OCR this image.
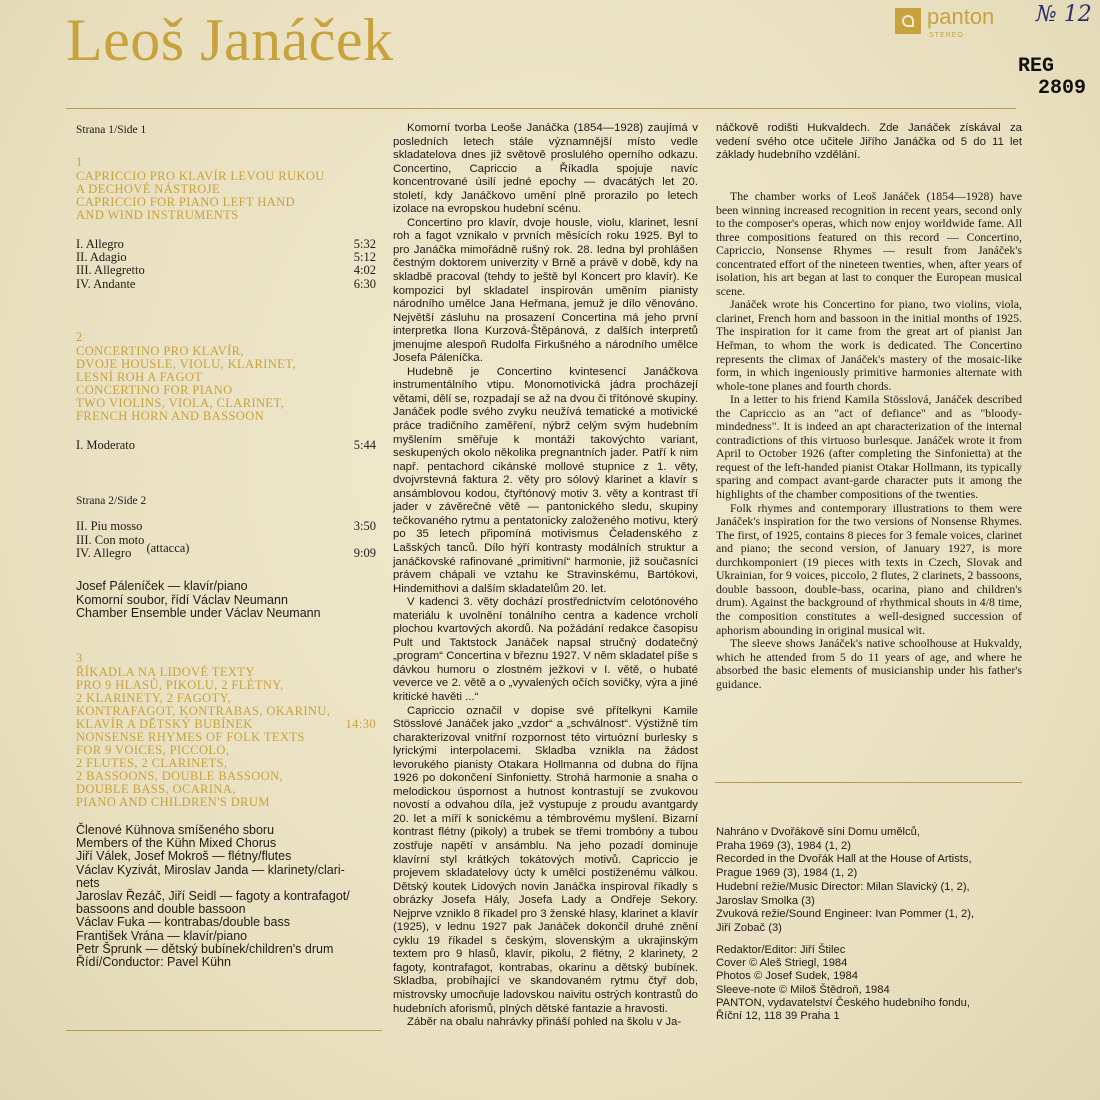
Leoš Janáček	panton
STEREO
№ 12
REG
2809
Strana 1/Side 1
1
CAPRICCIO PRO KLAVÍR LEVOU RUKOU
A DECHOVÉ NÁSTROJE
CAPRICCIO FOR PIANO LEFT HAND
AND WIND INSTRUMENTS
I. Allegro	5:32
II. Adagio	5:12
III. Allegretto	4:02
IV. Andante	6:30
2
CONCERTINO PRO KLAVÍR,
DVOJE HOUSLE, VIOLU, KLARINET,
LESNÍ ROH A FAGOT
CONCERTINO FOR PIANO
TWO VIOLINS, VIOLA, CLARINET,
FRENCH HORN AND BASSOON
I. Moderato	5:44
Strana 2/Side 2
II. Piu mosso	3:50
III. Con moto
IV. Allegro (attacca)	9:09
Josef Páleníček — klavír/piano
Komorní soubor, řídí Václav Neumann
Chamber Ensemble under Václav Neumann
3
ŘÍKADLA NA LIDOVÉ TEXTY
PRO 9 HLASŮ, PIKOLU, 2 FLÉTNY,
2 KLARINETY, 2 FAGOTY,
KONTRAFAGOT, KONTRABAS, OKARINU,
KLAVÍR A DĚTSKÝ BUBÍNEK
NONSENSE RHYMES OF FOLK TEXTS
FOR 9 VOICES, PICCOLO,
2 FLUTES, 2 CLARINETS,
2 BASSOONS, DOUBLE BASSOON,
DOUBLE BASS, OCARINA,
PIANO AND CHILDREN'S DRUM
14:30
Členové Kühnova smíšeného sboru
Members of the Kühn Mixed Chorus
Jiří Válek, Josef Mokroš — flétny/flutes
Václav Kyzivát, Miroslav Janda — klarinety/clari-
nets
Jaroslav Řezáč, Jiří Seidl — fagoty a kontrafagot/
bassoons and double bassoon
Václav Fuka — kontrabas/double bass
František Vrána — klavír/piano
Petr Šprunk — dětský bubínek/children's drum
Řídí/Conductor: Pavel Kühn

Komorní tvorba Leoše Janáčka (1854—1928) zaujímá v posledních letech stále významnější místo vedle skladatelova dnes již světově proslulého operního odkazu. Concertino, Capriccio a Říkadla spojuje navíc koncentrované úsilí jedné epochy — dvacátých let 20. století, kdy Janáčkovo umění plně prorazilo po letech izolace na evropskou hudební scénu.

Concertino pro klavír, dvoje housle, violu, klarinet, lesní roh a fagot vznikalo v prvních měsících roku 1925. Byl to pro Janáčka mimořádně rušný rok. 28. ledna byl prohlášen čestným doktorem univerzity v Brně a právě v době, kdy na skladbě pracoval (tehdy to ještě byl Koncert pro klavír). Ke kompozici byl skladatel inspirován uměním pianisty národního umělce Jana Heřmana, jemuž je dílo věnováno. Největší zásluhu na prosazení Concertina má jeho první interpretka Ilona Kurzová-Štěpánová, z dalších interpretů jmenujme alespoň Rudolfa Firkušného a národního umělce Josefa Páleníčka.

Hudebně je Concertino kvintesencí Janáčkova instrumentálního vtipu. Monomotivická jádra procházejí větami, dělí se, rozpadají se až na dvou či třítónové skupiny. Janáček podle svého zvyku neužívá tematické a motivické práce tradičního zaměření, nýbrž celým svým hudebním myšlením směřuje k montáži takovýchto variant, seskupených okolo několika pregnantních jader. Patří k nim např. pentachord cikánské mollové stupnice z 1. věty, dvojvrstevná faktura 2. věty pro sólový klarinet a klavír s ansámblovou kodou, čtyřtónový motiv 3. věty a kontrast tří jader v závěrečné větě — pantonického sledu, skupiny tečkovaného rytmu a pentatonicky založeného motivu, který po 35 letech připomíná motivismus Čeladenského z Lašských tanců. Dílo hýří kontrasty modálních struktur a janáčkovské rafinované „primitivní“ harmonie, již současníci právem chápali ve vztahu ke Stravinskému, Bartókovi, Hindemithovi a dalším skladatelům 20. let.

V kadenci 3. věty dochází prostřednictvím celotónového materiálu k uvolnění tonálního centra a kadence vrcholí plochou kvartových akordů. Na požádání redakce časopisu Pult und Taktstock Janáček napsal stručný dodatečný „program“ Concertina v březnu 1927. V něm skladatel píše s dávkou humoru o zlostném ježkovi v I. větě, o hubaté veverce ve 2. větě a o „vyvalených očích sovičky, výra a jiné kritické havěti ...“

Capriccio označil v dopise své přítelkyni Kamile Stösslové Janáček jako „vzdor“ a „schválnost“. Výstižně tím charakterizoval vnitřní rozpornost této virtuózní burlesky s lyrickými interpolacemi. Skladba vznikla na žádost levorukého pianisty Otakara Hollmanna od dubna do října 1926 po dokončení Sinfonietty. Strohá harmonie a snaha o melodickou úspornost a hutnost kontrastují se zvukovou novostí a odvahou díla, jež vystupuje z proudu avantgardy 20. let a míří k sonickému a témbrovému myšlení. Bizarní kontrast flétny (pikoly) a trubek se třemi trombóny a tubou zostřuje napětí v ansámblu. Na jeho pozadí dominuje klavírní styl krátkých tokátových motivů. Capriccio je projevem skladatelovy úcty k umělci postiženému válkou. Dětský koutek Lidových novin Janáčka inspiroval říkadly s obrázky Josefa Hály, Josefa Lady a Ondřeje Sekory. Nejprve vzniklo 8 říkadel pro 3 ženské hlasy, klarinet a klavír (1925), v lednu 1927 pak Janáček dokončil druhé znění cyklu 19 říkadel s českým, slovenským a ukrajinským textem pro 9 hlasů, klavír, pikolu, 2 flétny, 2 klarinety, 2 fagoty, kontrafagot, kontrabas, okarinu a dětský bubínek. Skladba, probíhající ve skandovaném rytmu čtyř dob, mistrovsky umocňuje ladovskou naivitu ostrých kontrastů do hudebních aforismů, plných dětské fantazie a hravosti.

Záběr na obalu nahrávky přináší pohled na školu v Ja-

náčkově rodišti Hukvaldech. Zde Janáček získával za vedení svého otce učitele Jiřího Janáčka od 5 do 11 let základy hudebního vzdělání.

The chamber works of Leoš Janáček (1854—1928) have been winning increased recognition in recent years, second only to the composer's operas, which now enjoy worldwide fame. All three compositions featured on this record — Concertino, Capriccio, Nonsense Rhymes — result from Janáček's concentrated effort of the nineteen twenties, when, after years of isolation, his art began at last to conquer the European musical scene.

Janáček wrote his Concertino for piano, two violins, viola, clarinet, French horn and bassoon in the initial months of 1925. The inspiration for it came from the great art of pianist Jan Heřman, to whom the work is dedicated. The Concertino represents the climax of Janáček's mastery of the mosaic-like form, in which ingeniously primitive harmonies alternate with whole-tone planes and fourth chords.

In a letter to his friend Kamila Stösslová, Janáček described the Capriccio as an "act of defiance" and as "bloody-mindedness". It is indeed an apt characterization of the internal contradictions of this virtuoso burlesque. Janáček wrote it from April to October 1926 (after completing the Sinfonietta) at the request of the left-handed pianist Otakar Hollmann, its typically sparing and compact avant-garde character puts it among the highlights of the chamber compositions of the twenties.

Folk rhymes and contemporary illustrations to them were Janáček's inspiration for the two versions of Nonsense Rhymes. The first, of 1925, contains 8 pieces for 3 female voices, clarinet and piano; the second version, of January 1927, is more durchkomponiert (19 pieces with texts in Czech, Slovak and Ukrainian, for 9 voices, piccolo, 2 flutes, 2 clarinets, 2 bassoons, double bassoon, double-bass, ocarina, piano and children's drum). Against the background of rhythmical shouts in 4/8 time, the composition constitutes a well-designed succession of aphorism abounding in original musical wit.

The sleeve shows Janáček's native schoolhouse at Hukvaldy, which he attended from 5 do 11 years of age, and where he absorbed the basic elements of musicianship under his father's guidance.

Nahráno v Dvořákově síni Domu umělců,

Praha 1969 (3), 1984 (1, 2)

Recorded in the Dvořák Hall at the House of Artists,

Prague 1969 (3), 1984 (1, 2)

Hudební režie/Music Director: Milan Slavický (1, 2),

Jaroslav Smolka (3)

Zvuková režie/Sound Engineer: Ivan Pommer (1, 2),

Jiří Zobač (3)

Redaktor/Editor: Jiří Štilec

Cover © Aleš Striegl, 1984

Photos © Josef Sudek, 1984

Sleeve-note © Miloš Štědroň, 1984

PANTON, vydavatelství Českého hudebního fondu,

Říční 12, 118 39 Praha 1
